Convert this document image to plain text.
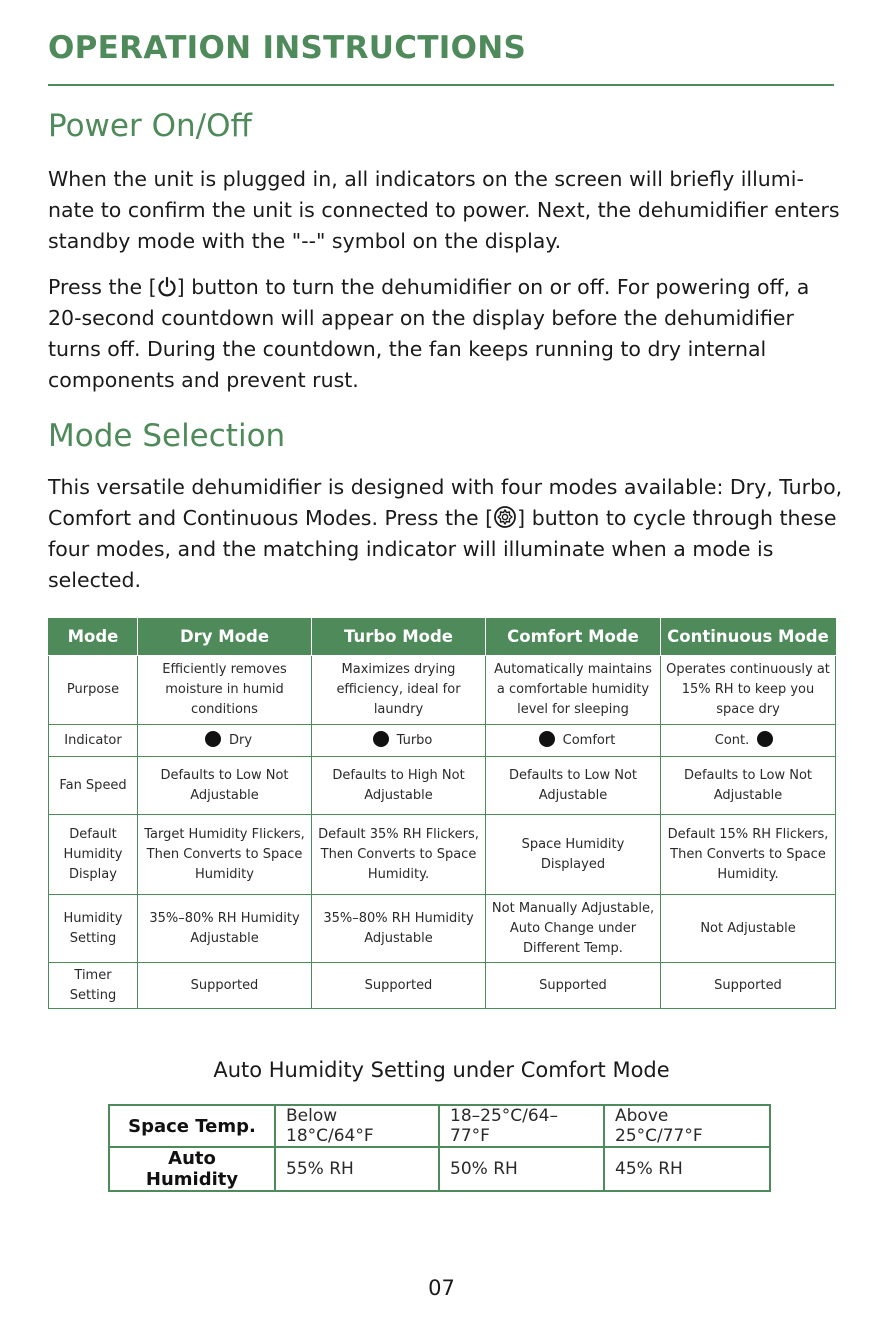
OPERATION INSTRUCTIONS
Power On/Off
When the unit is plugged in, all indicators on the screen will briefly illumi-nate to confirm the unit is connected to power. Next, the dehumidifier enters standby mode with the "--" symbol on the display.
Press the [ ] button to turn the dehumidifier on or off. For powering off, a 20-second countdown will appear on the display before the dehumidifier turns off. During the countdown, the fan keeps running to dry internal components and prevent rust.
Mode Selection
This versatile dehumidifier is designed with four modes available: Dry, Turbo, Comfort and Continuous Modes. Press the [ ] button to cycle through these four modes, and the matching indicator will illuminate when a mode is selected.
Mode	Dry Mode	Turbo Mode	Comfort Mode	Continuous Mode
Purpose	Efficiently removes moisture in humid conditions	Maximizes drying efficiency, ideal for laundry	Automatically maintains a comfortable humidity level for sleeping	Operates continuously at 15% RH to keep you space dry
Indicator	Dry	Turbo	Comfort	Cont.
Fan Speed	Defaults to Low Not Adjustable	Defaults to High Not Adjustable	Defaults to Low Not Adjustable	Defaults to Low Not Adjustable
Default Humidity Display	Target Humidity Flickers, Then Converts to Space Humidity	Default 35% RH Flickers, Then Converts to Space Humidity.	Space Humidity Displayed	Default 15% RH Flickers, Then Converts to Space Humidity.
Humidity Setting	35%–80% RH Humidity Adjustable	35%–80% RH Humidity Adjustable	Not Manually Adjustable, Auto Change under Different Temp.	Not Adjustable
Timer Setting	Supported	Supported	Supported	Supported
Auto Humidity Setting under Comfort Mode
Space Temp.	Below 18°C/64°F	18–25°C/64–77°F	Above 25°C/77°F
Auto Humidity	55% RH	50% RH	45% RH
07
